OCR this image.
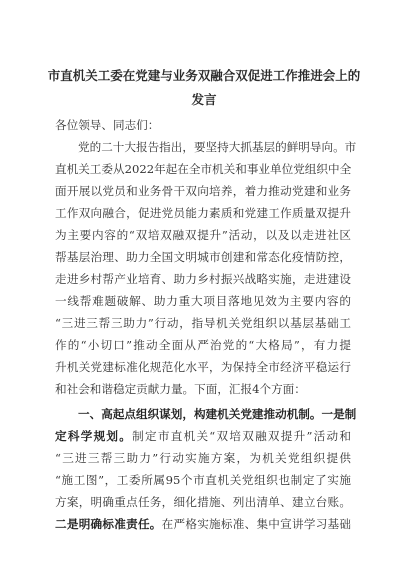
市直机关工委在党建与业务双融合双促进工作推进会上的
发言
各位领导、同志们：
党的二十大报告指出，要坚持大抓基层的鲜明导向。市
直机关工委从2022年起在全市机关和事业单位党组织中全
面开展以党员和业务骨干双向培养，着力推动党建和业务
工作双向融合，促进党员能力素质和党建工作质量双提升
为主要内容的“双培双融双提升”活动，以及以走进社区
帮基层治理、助力全国文明城市创建和常态化疫情防控，
走进乡村帮产业培育、助力乡村振兴战略实施，走进建设
一线帮难题破解、助力重大项目落地见效为主要内容的
“三进三帮三助力”行动，指导机关党组织以基层基础工
作的“小切口”推动全面从严治党的“大格局”，有力提
升机关党建标准化规范化水平，为保持全市经济平稳运行
和社会和谐稳定贡献力量。下面，汇报4个方面：
一、高起点组织谋划，构建机关党建推动机制。一是制
定科学规划。制定市直机关“双培双融双提升”活动和
“三进三帮三助力”行动实施方案，为机关党组织提供
“施工图”，工委所属95个市直机关党组织也制定了实施
方案，明确重点任务，细化措施、列出清单、建立台账。
二是明确标准责任。在严格实施标准、集中宣讲学习基础
